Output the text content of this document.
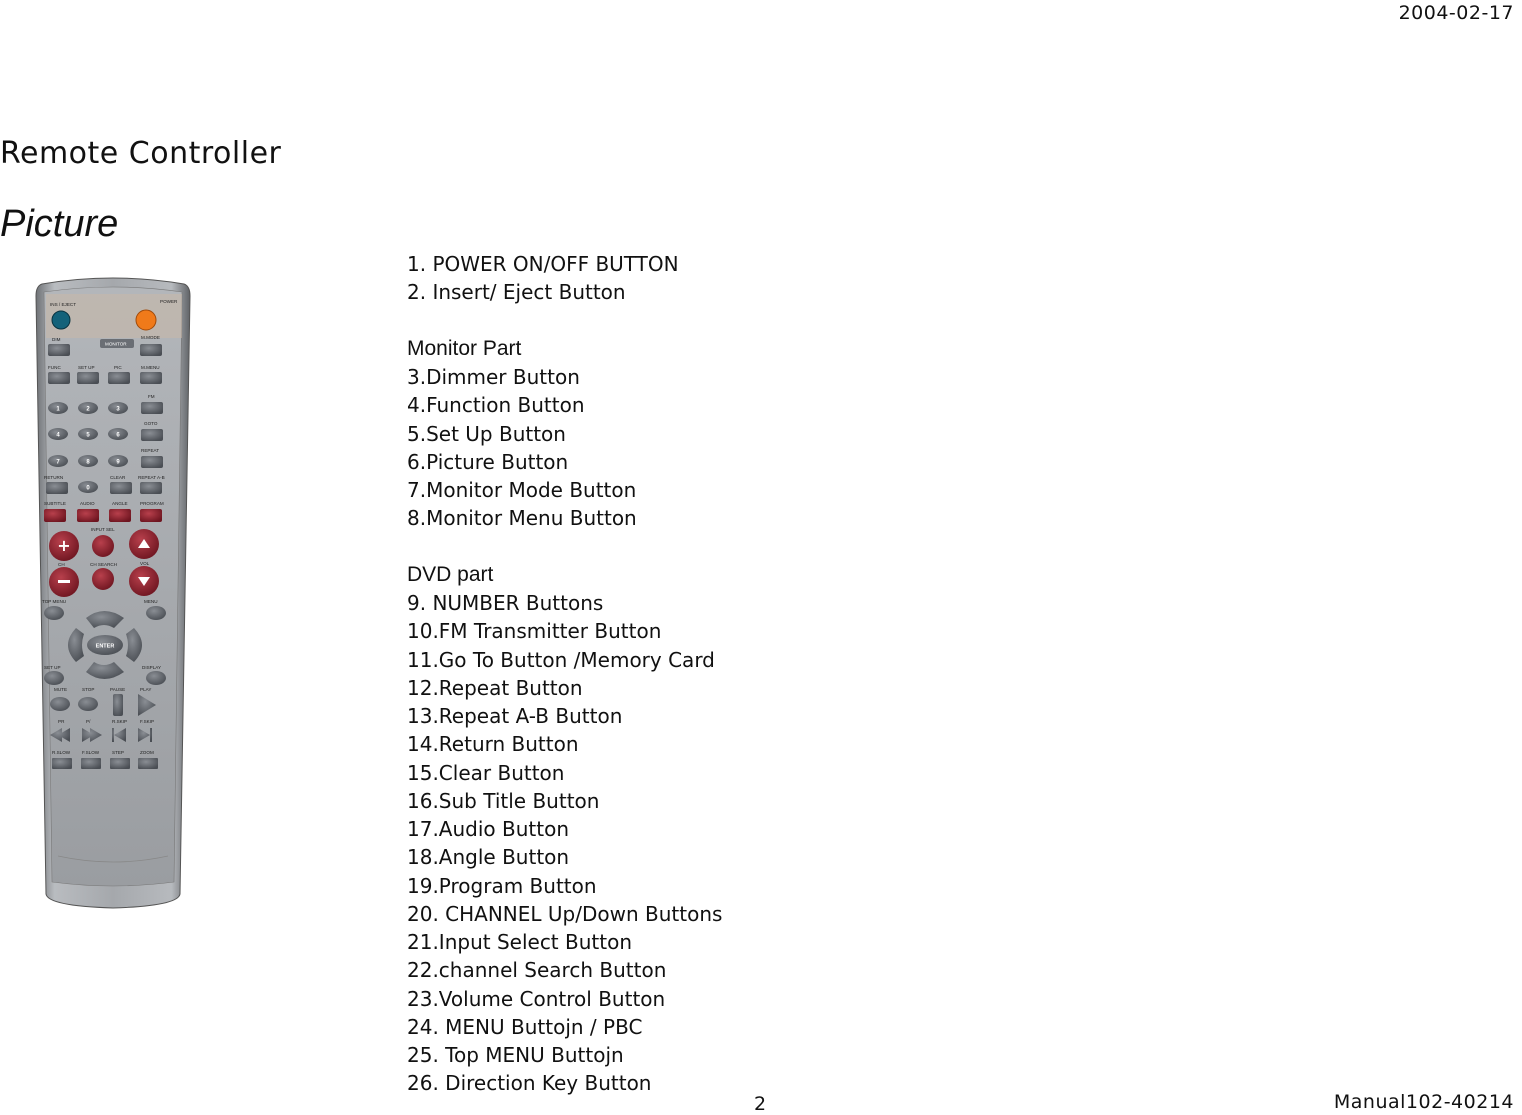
2004-02-17
Remote Controller
Picture
INS / EJECT
POWER
DIM
MONITOR
M.MODE
FUNC	SET UP	PIC	M.MENU
FM
GOTO
REPEAT
1	2	3
4	5	6
7	8	9
0
RETURN	CLEAR	REPEAT A-B
SUBTITLE	AUDIO	ANGLE	PROGRAM
INPUT SEL
+
CH	CH SEARCH	VOL
TOP MENU	MENU
ENTER
SET UP	DISPLAY
MUTE	STOP	PAUSE	PLAY
PR	P/	R.SKIP	F.SKIP
R.SLOW	F.SLOW	STEP	ZOOM
1. POWER ON/OFF BUTTON
2. Insert/ Eject Button
Monitor Part
3.Dimmer Button
4.Function Button
5.Set Up Button
6.Picture Button
7.Monitor Mode Button
8.Monitor Menu Button
DVD part
9. NUMBER Buttons
10.FM Transmitter Button
11.Go To Button /Memory Card
12.Repeat Button
13.Repeat A-B Button
14.Return Button
15.Clear Button
16.Sub Title Button
17.Audio Button
18.Angle Button
19.Program Button
20. CHANNEL Up/Down Buttons
21.Input Select Button
22.channel Search Button
23.Volume Control Button
24. MENU Buttojn / PBC
25. Top MENU Buttojn
26. Direction Key Button
2	Manual102-40214
